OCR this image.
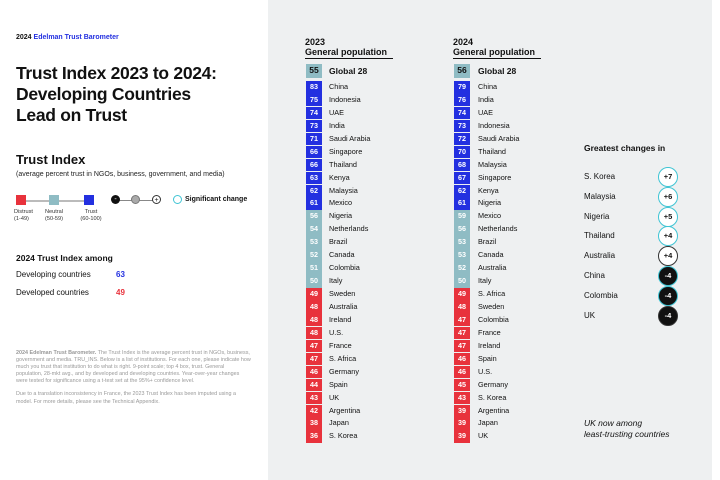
2024 Edelman Trust Barometer
Trust Index 2023 to 2024:
Developing Countries
Lead on Trust
Trust Index
(average percent trust in NGOs, business, government, and media)
Distrust
(1-49)
Neutral
(50-59)
Trust
(60-100)
-	+	Significant change
2024 Trust Index among
Developing countries	63
Developed countries	49

2024 Edelman Trust Barometer. The Trust Index is the average percent trust in NGOs, business, government and media. TRU_INS. Below is a list of institutions. For each one, please indicate how much you trust that institution to do what is right. 9-point scale; top 4 box, trust. General population, 28-mkt avg., and by developed and developing countries. Year-over-year changes were tested for significance using a t-test set at the 95%+ confidence level.

Due to a translation inconsistency in France, the 2023 Trust Index has been imputed using a model. For more details, please see the Technical Appendix.

2023
General population
2024
General population
Greatest changes in
UK now among
least-trusting countries
55	Global 28
83	China
75	Indonesia
74	UAE
73	India
71	Saudi Arabia
66	Singapore
66	Thailand
63	Kenya
62	Malaysia
61	Mexico
56	Nigeria
54	Netherlands
53	Brazil
52	Canada
51	Colombia
50	Italy
49	Sweden
48	Australia
48	Ireland
48	U.S.
47	France
47	S. Africa
46	Germany
44	Spain
43	UK
42	Argentina
38	Japan
36	S. Korea
56	Global 28
79	China
76	India
74	UAE
73	Indonesia
72	Saudi Arabia
70	Thailand
68	Malaysia
67	Singapore
62	Kenya
61	Nigeria
59	Mexico
56	Netherlands
53	Brazil
53	Canada
52	Australia
50	Italy
49	S. Africa
48	Sweden
47	Colombia
47	France
47	Ireland
46	Spain
46	U.S.
45	Germany
43	S. Korea
39	Argentina
39	Japan
39	UK
S. Korea	+7
Malaysia	+6
Nigeria	+5
Thailand	+4
Australia	+4
China	-4
Colombia	-4
UK	-4
